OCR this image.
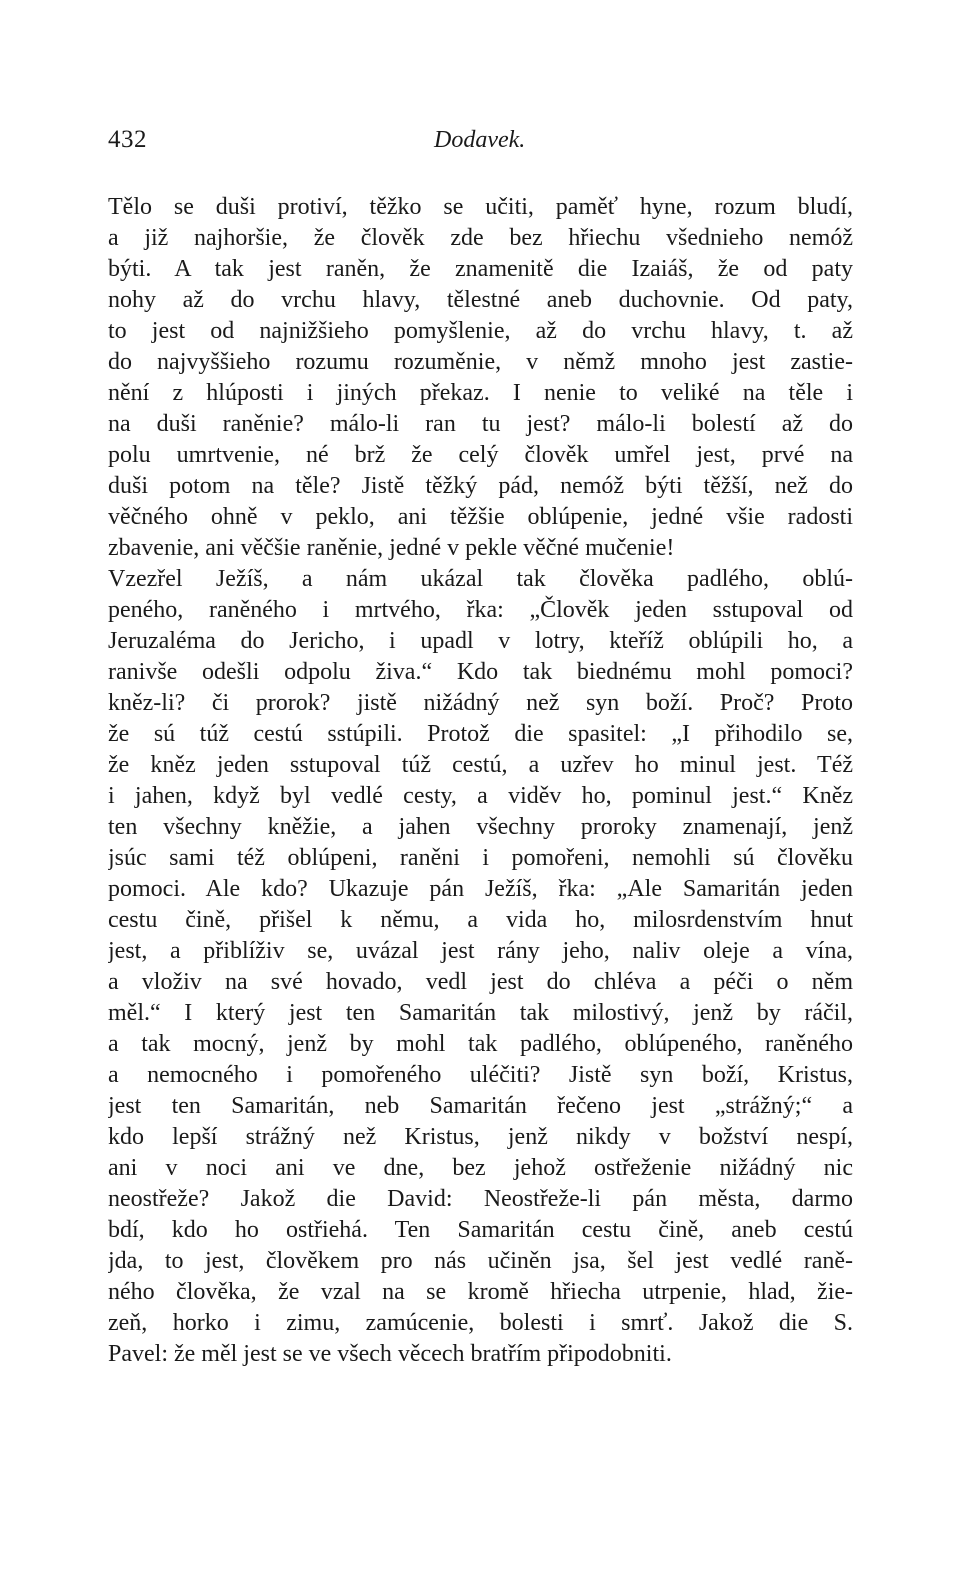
432	Dodavek.
Tělo se duši protiví, těžko se učiti, paměť hyne, rozum bludí,
a již najhoršie, že člověk zde bez hřiechu všednieho nemóž
býti. A tak jest raněn, že znamenitě die Izaiáš, že od paty
nohy až do vrchu hlavy, tělestné aneb duchovnie. Od paty,
to jest od najnižšieho pomyšlenie, až do vrchu hlavy, t. až
do najvyššieho rozumu rozuměnie, v němž mnoho jest zastie-
nění z hlúposti i jiných překaz. I nenie to veliké na těle i
na duši raněnie? málo-li ran tu jest? málo-li bolestí až do
polu umrtvenie, né brž že celý člověk umřel jest, prvé na
duši potom na těle? Jistě těžký pád, nemóž býti těžší, než do
věčného ohně v peklo, ani těžšie oblúpenie, jedné všie radosti
zbavenie, ani věčšie raněnie, jedné v pekle věčné mučenie!
Vzezřel Ježíš, a nám ukázal tak člověka padlého, oblú-
peného, raněného i mrtvého, řka: „Člověk jeden sstupoval od
Jeruzaléma do Jericho, i upadl v lotry, kteříž oblúpili ho, a
ranivše odešli odpolu živa.“ Kdo tak biednému mohl pomoci?
kněz-li? či prorok? jistě nižádný než syn boží. Proč? Proto
že sú túž cestú sstúpili. Protož die spasitel: „I přihodilo se,
že kněz jeden sstupoval túž cestú, a uzřev ho minul jest. Též
i jahen, když byl vedlé cesty, a viděv ho, pominul jest.“ Kněz
ten všechny kněžie, a jahen všechny proroky znamenají, jenž
jsúc sami též oblúpeni, raněni i pomořeni, nemohli sú člověku
pomoci. Ale kdo? Ukazuje pán Ježíš, řka: „Ale Samaritán jeden
cestu čině, přišel k němu, a vida ho, milosrdenstvím hnut
jest, a přiblíživ se, uvázal jest rány jeho, naliv oleje a vína,
a vloživ na své hovado, vedl jest do chléva a péči o něm
měl.“ I který jest ten Samaritán tak milostivý, jenž by ráčil,
a tak mocný, jenž by mohl tak padlého, oblúpeného, raněného
a nemocného i pomořeného uléčiti? Jistě syn boží, Kristus,
jest ten Samaritán, neb Samaritán řečeno jest „strážný;“ a
kdo lepší strážný než Kristus, jenž nikdy v božství nespí,
ani v noci ani ve dne, bez jehož ostřeženie nižádný nic
neostřeže? Jakož die David: Neostřeže-li pán města, darmo
bdí, kdo ho ostřiehá. Ten Samaritán cestu čině, aneb cestú
jda, to jest, člověkem pro nás učiněn jsa, šel jest vedlé raně-
ného člověka, že vzal na se kromě hřiecha utrpenie, hlad, žie-
zeň, horko i zimu, zamúcenie, bolesti i smrť. Jakož die S.
Pavel: že měl jest se ve všech věcech bratřím připodobniti.
